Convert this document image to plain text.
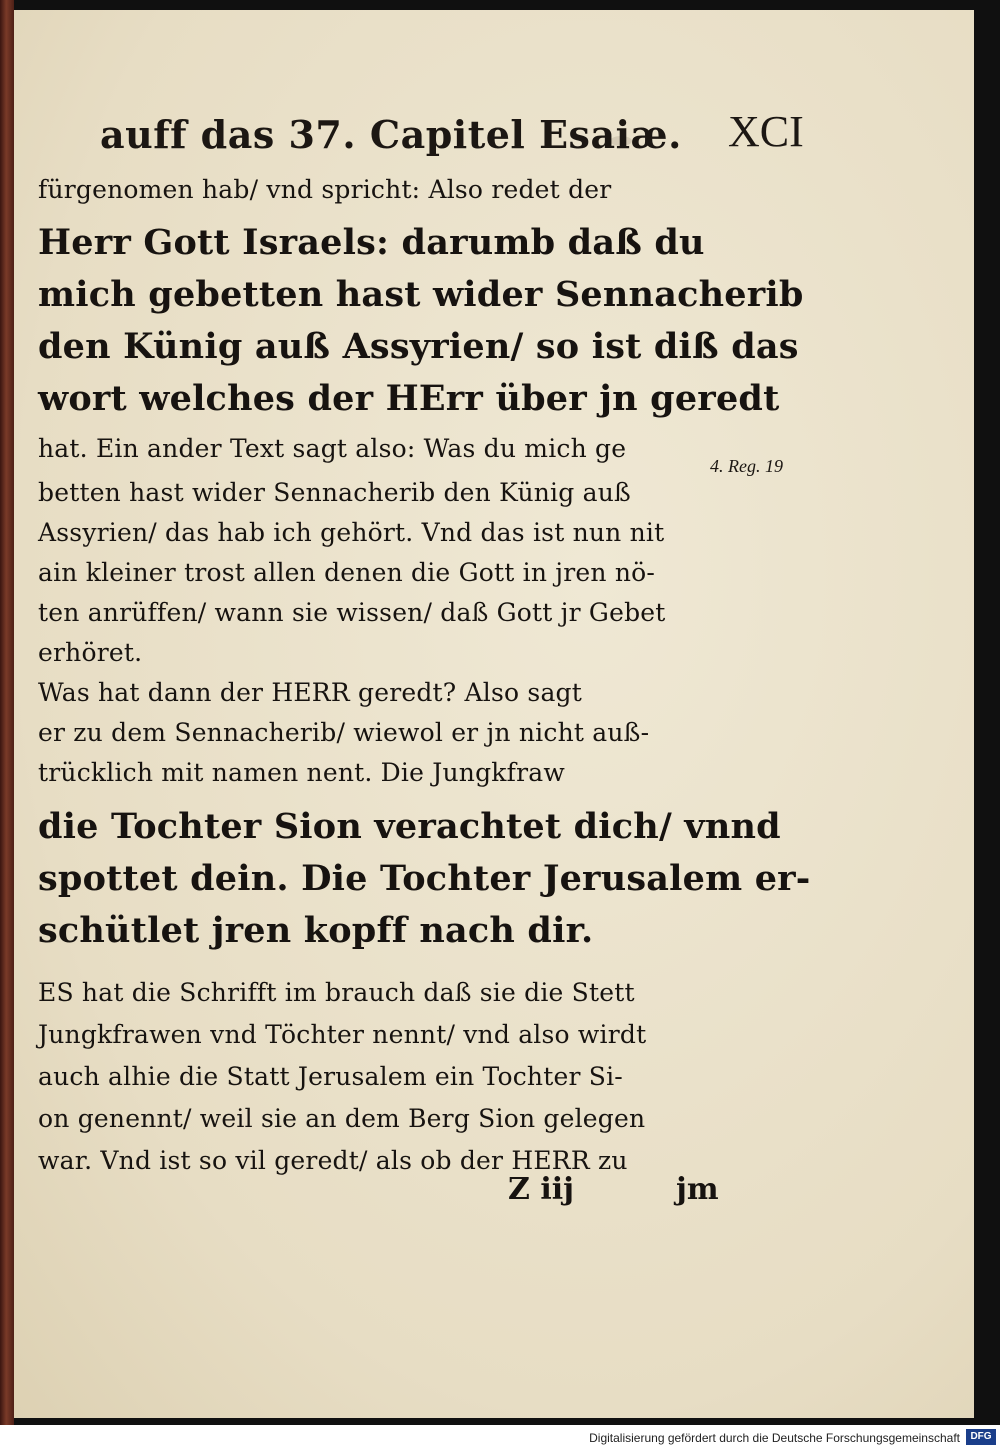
auff das 37. Capitel Esaiæ. XCI
4. Reg. 19
fürgenomen hab/ vnd spricht: Also redet der
Herr Gott Israels: darumb daß du
mich gebetten hast wider Sennacherib
den Künig auß Assyrien/ so ist diß das
wort welches der HErr über jn geredt
hat. Ein ander Text sagt also: Was du mich ge
betten hast wider Sennacherib den Künig auß
Assyrien/ das hab ich gehört. Vnd das ist nun nit
ain kleiner trost allen denen die Gott in jren nö-
ten anrüffen/ wann sie wissen/ daß Gott jr Gebet
erhöret.
Was hat dann der HERR geredt? Also sagt
er zu dem Sennacherib/ wiewol er jn nicht auß-
trücklich mit namen nent. Die Jungkfraw
die Tochter Sion verachtet dich/ vnnd
spottet dein. Die Tochter Jerusalem er-
schütlet jren kopff nach dir.
ES hat die Schrifft im brauch daß sie die Stett
Jungkfrawen vnd Töchter nennt/ vnd also wirdt
auch alhie die Statt Jerusalem ein Tochter Si-
on genennt/ weil sie an dem Berg Sion gelegen
war. Vnd ist so vil geredt/ als ob der HERR zu
Z iij	jm
Digitalisierung gefördert durch die Deutsche Forschungsgemeinschaft	DFG
